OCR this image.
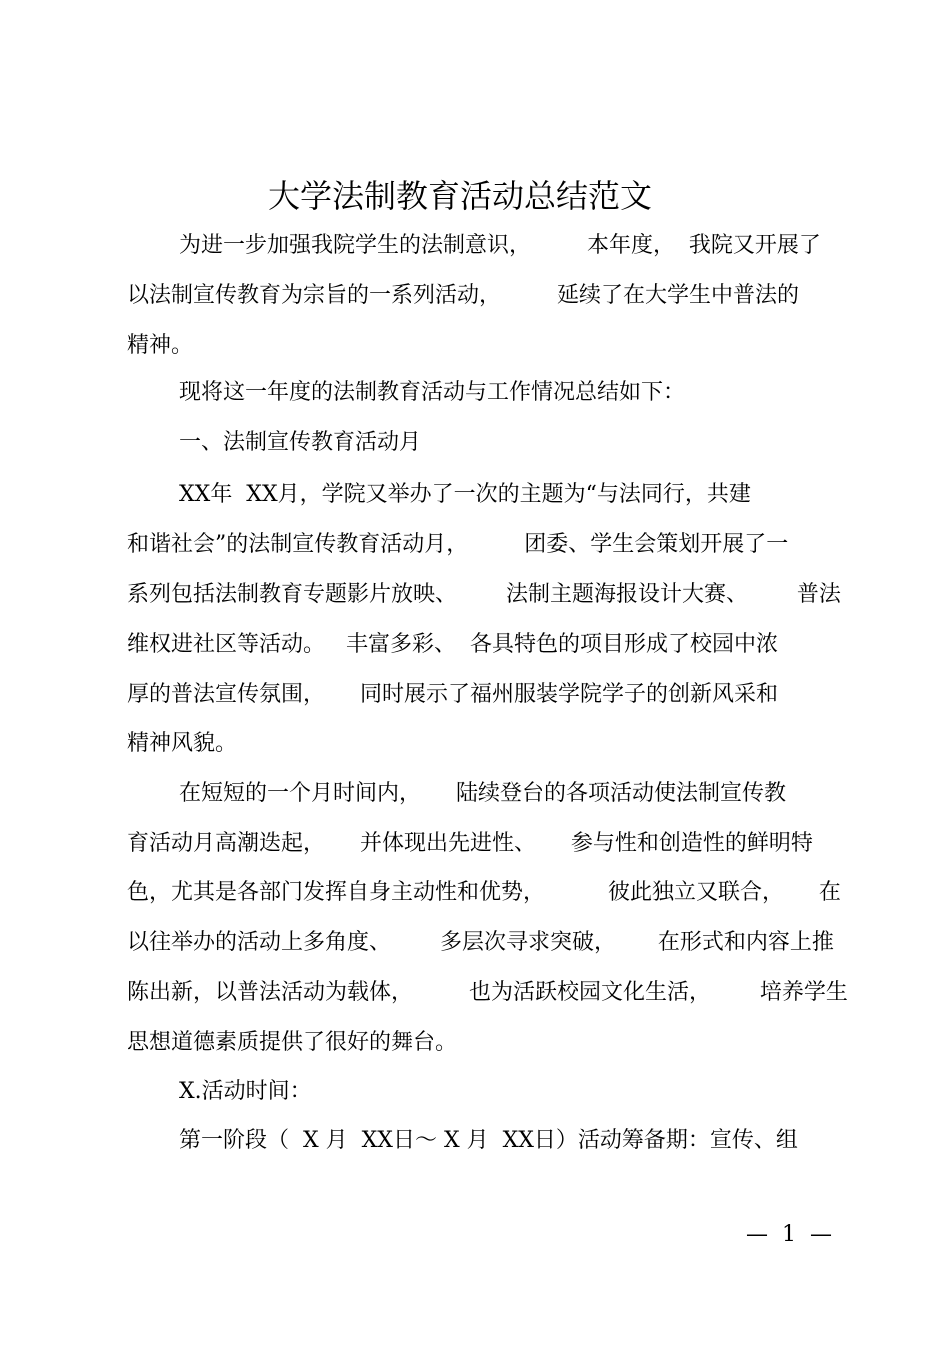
大学法制教育活动总结范文
为进一步加强我院学生的法制意识，        本年度，  我院又开展了
以法制宣传教育为宗旨的一系列活动，        延续了在大学生中普法的
精神。
现将这一年度的法制教育活动与工作情况总结如下：
一、法制宣传教育活动月
XX年  XX月，学院又举办了一次的主题为“与法同行，共建
和谐社会”的法制宣传教育活动月，        团委、学生会策划开展了一
系列包括法制教育专题影片放映、       法制主题海报设计大赛、       普法
维权进社区等活动。   丰富多彩、  各具特色的项目形成了校园中浓
厚的普法宣传氛围，     同时展示了福州服装学院学子的创新风采和
精神风貌。
在短短的一个月时间内，     陆续登台的各项活动使法制宣传教
育活动月高潮迭起，     并体现出先进性、     参与性和创造性的鲜明特
色，尤其是各部门发挥自身主动性和优势，         彼此独立又联合，     在
以往举办的活动上多角度、       多层次寻求突破，      在形式和内容上推
陈出新，以普法活动为载体，        也为活跃校园文化生活，       培养学生
思想道德素质提供了很好的舞台。
X.活动时间：
第一阶段（  X 月  XX日～ X 月  XX日）活动筹备期：宣传、组
—  1  —
